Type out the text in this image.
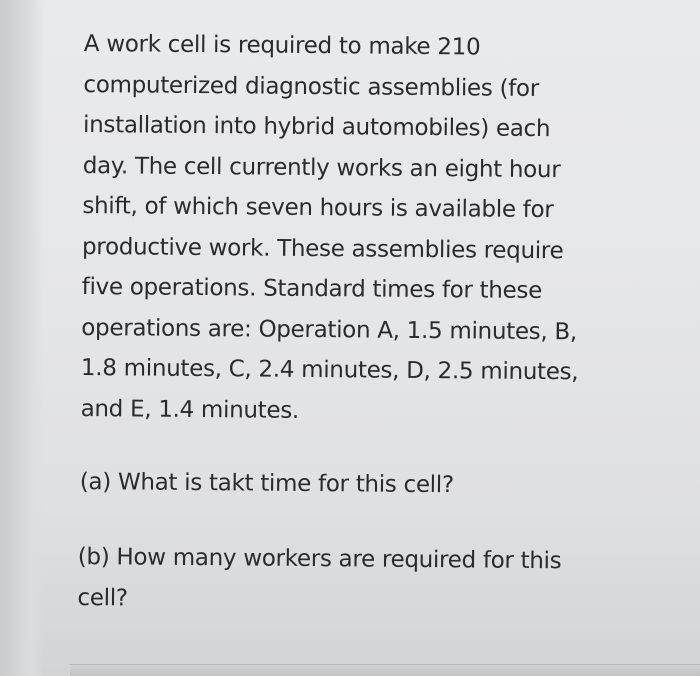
A work cell is required to make 210
computerized diagnostic assemblies (for
installation into hybrid automobiles) each
day. The cell currently works an eight hour
shift, of which seven hours is available for
productive work. These assemblies require
five operations. Standard times for these
operations are: Operation A, 1.5 minutes, B,
1.8 minutes, C, 2.4 minutes, D, 2.5 minutes,
and E, 1.4 minutes.

(a) What is takt time for this cell?

(b) How many workers are required for this
cell?
